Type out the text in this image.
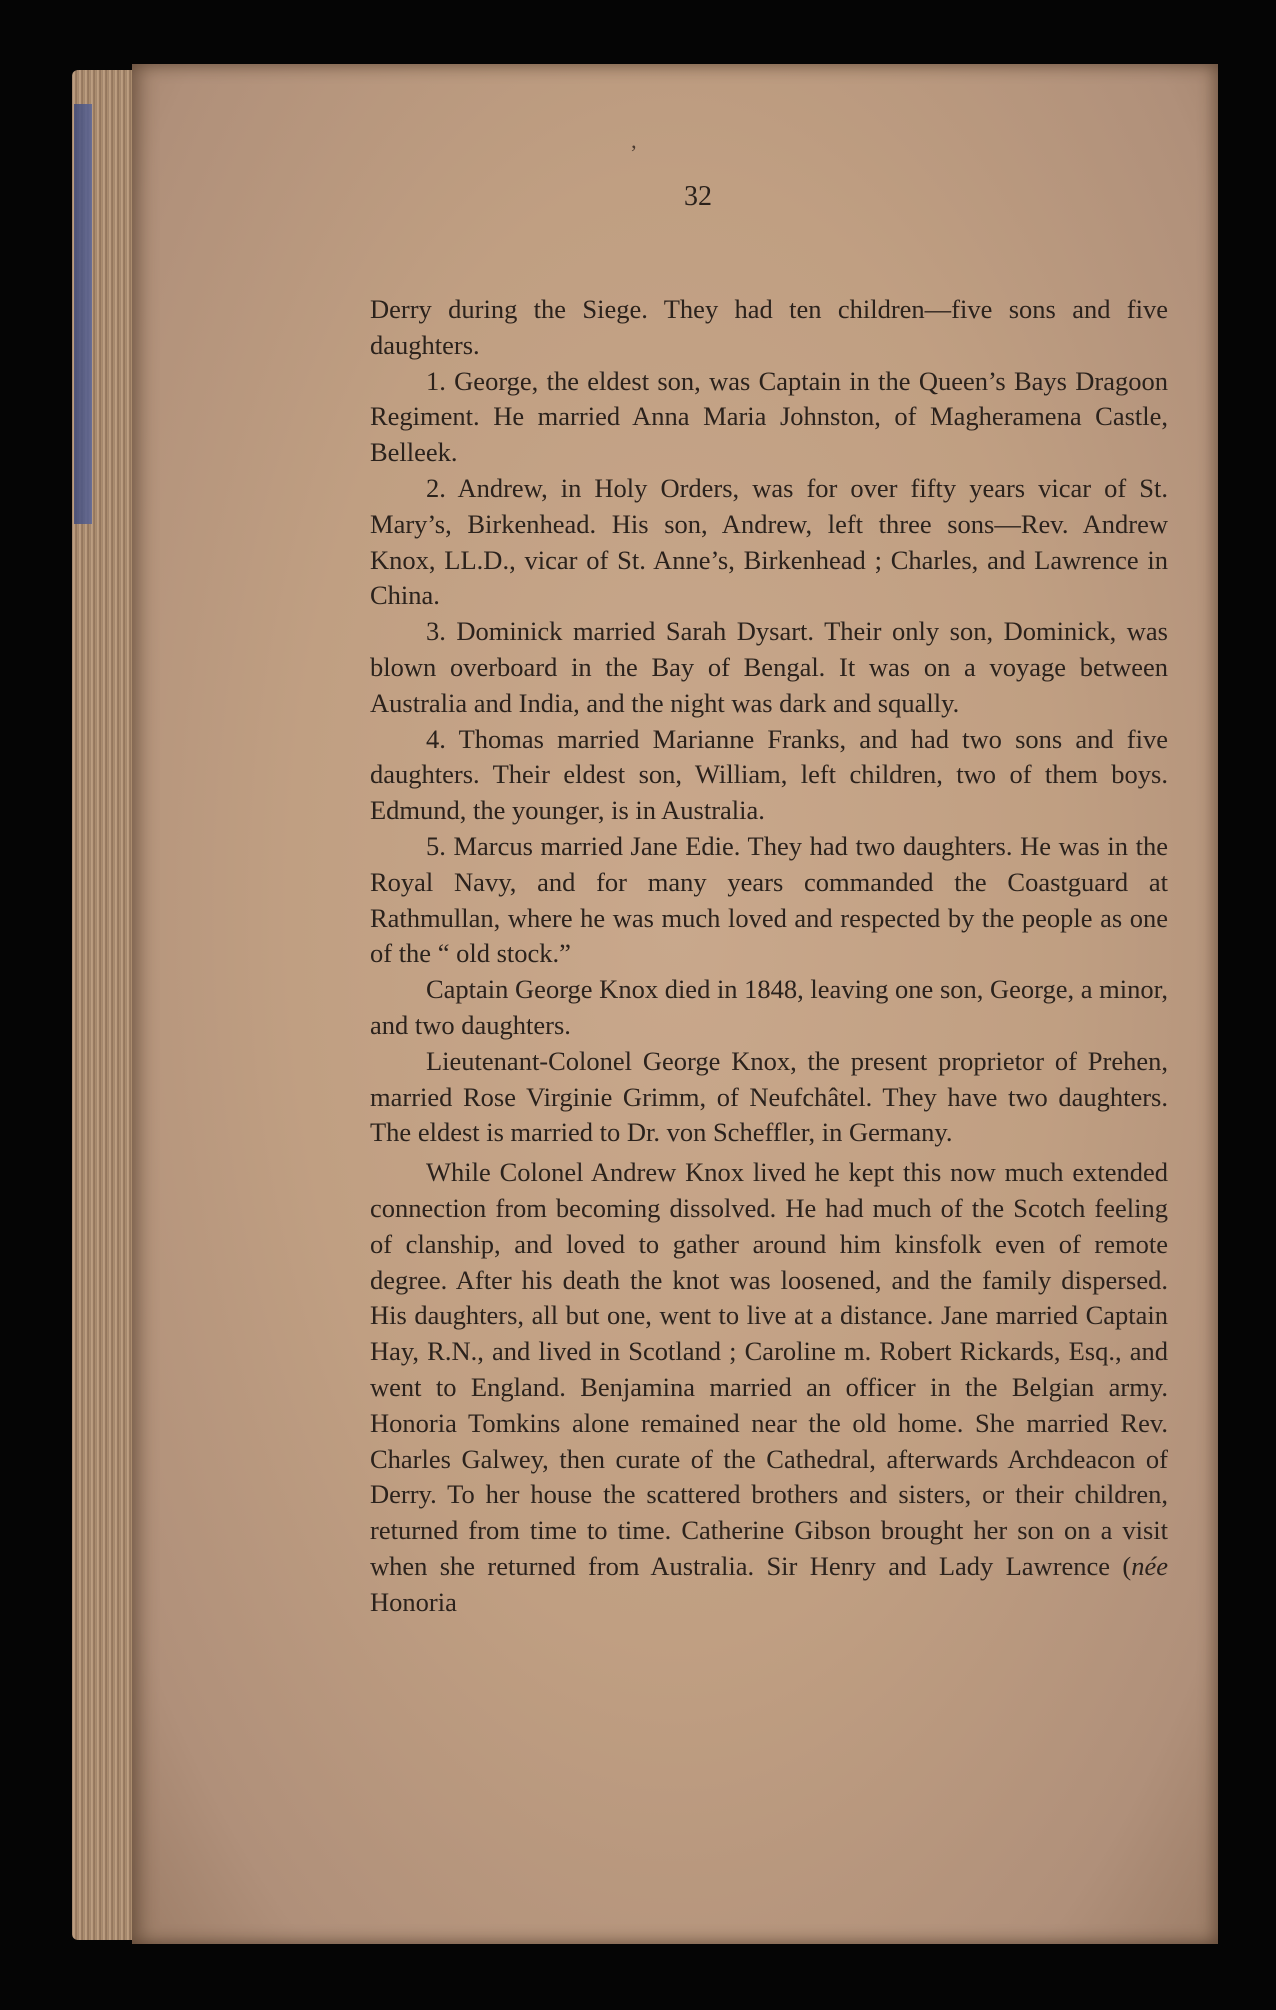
32

Derry during the Siege. They had ten children—five sons and five daughters.

1. George, the eldest son, was Captain in the Queen’s Bays Dragoon Regiment. He married Anna Maria Johnston, of Magheramena Castle, Belleek.

2. Andrew, in Holy Orders, was for over fifty years vicar of St. Mary’s, Birkenhead. His son, Andrew, left three sons—Rev. Andrew Knox, LL.D., vicar of St. Anne’s, Birkenhead ; Charles, and Lawrence in China.

3. Dominick married Sarah Dysart. Their only son, Dominick, was blown overboard in the Bay of Bengal. It was on a voyage between Australia and India, and the night was dark and squally.

4. Thomas married Marianne Franks, and had two sons and five daughters. Their eldest son, William, left children, two of them boys. Edmund, the younger, is in Australia.

5. Marcus married Jane Edie. They had two daughters. He was in the Royal Navy, and for many years commanded the Coastguard at Rathmullan, where he was much loved and respected by the people as one of the “ old stock.”

Captain George Knox died in 1848, leaving one son, George, a minor, and two daughters.

Lieutenant-Colonel George Knox, the present proprietor of Prehen, married Rose Virginie Grimm, of Neufchâtel. They have two daughters. The eldest is married to Dr. von Scheffler, in Germany.

While Colonel Andrew Knox lived he kept this now much extended connection from becoming dissolved. He had much of the Scotch feeling of clanship, and loved to gather around him kinsfolk even of remote degree. After his death the knot was loosened, and the family dispersed. His daughters, all but one, went to live at a distance. Jane married Captain Hay, R.N., and lived in Scotland ; Caroline m. Robert Rickards, Esq., and went to England. Benjamina married an officer in the Belgian army. Honoria Tomkins alone remained near the old home. She married Rev. Charles Galwey, then curate of the Cathedral, afterwards Archdeacon of Derry. To her house the scattered brothers and sisters, or their children, returned from time to time. Catherine Gibson brought her son on a visit when she returned from Australia. Sir Henry and Lady Lawrence (née Honoria

’
